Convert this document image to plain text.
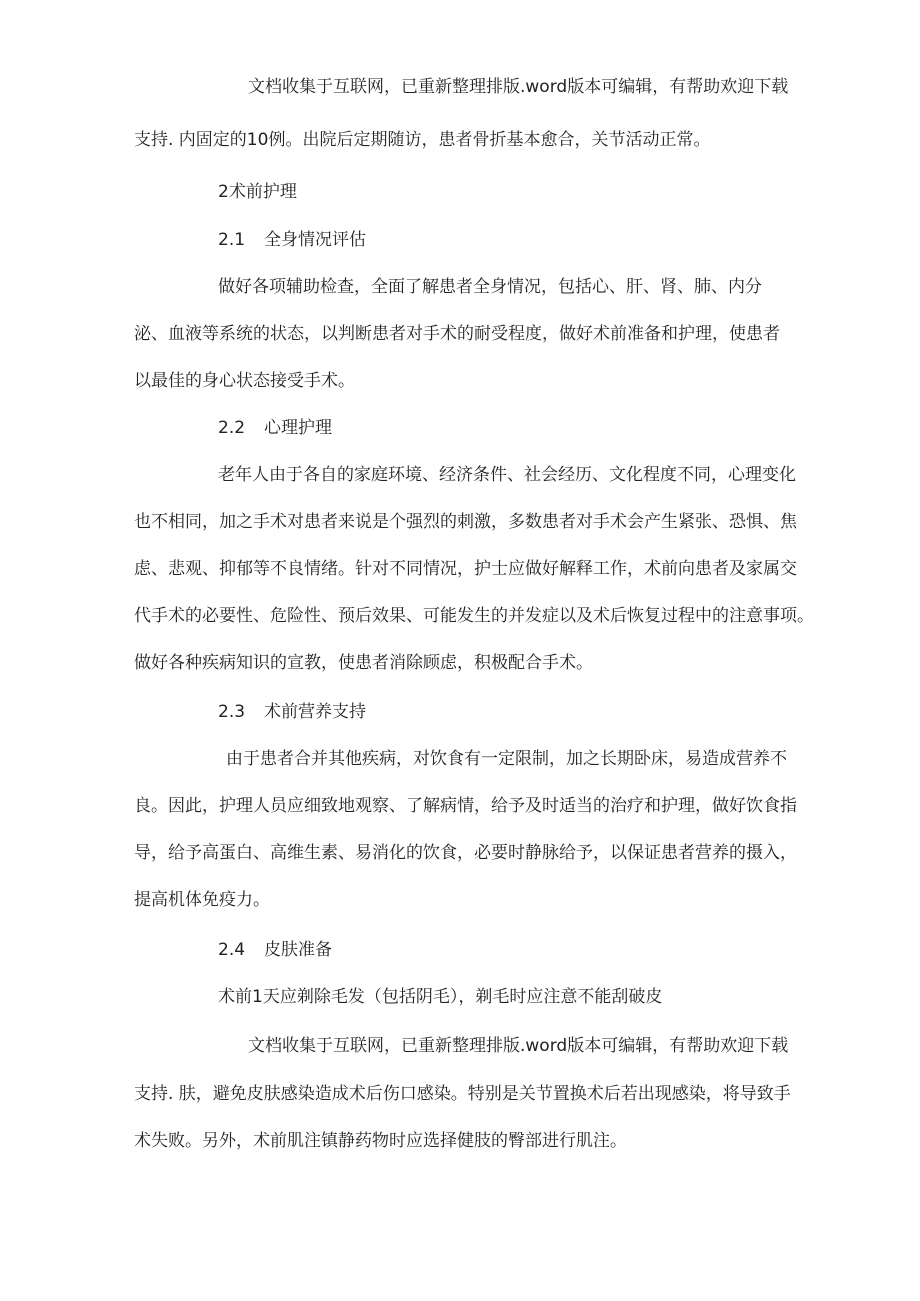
文档收集于互联网，已重新整理排版.word版本可编辑，有帮助欢迎下载

支持. 内固定的10例。出院后定期随访，患者骨折基本愈合，关节活动正常。

2术前护理

2.1 全身情况评估

做好各项辅助检查，全面了解患者全身情况，包括心、肝、肾、肺、内分

泌、血液等系统的状态，以判断患者对手术的耐受程度，做好术前准备和护理，使患者

以最佳的身心状态接受手术。

2.2 心理护理

老年人由于各自的家庭环境、经济条件、社会经历、文化程度不同，心理变化

也不相同，加之手术对患者来说是个强烈的刺激，多数患者对手术会产生紧张、恐惧、焦

虑、悲观、抑郁等不良情绪。针对不同情况，护士应做好解释工作，术前向患者及家属交

代手术的必要性、危险性、预后效果、可能发生的并发症以及术后恢复过程中的注意事项。

做好各种疾病知识的宣教，使患者消除顾虑，积极配合手术。

2.3 术前营养支持

由于患者合并其他疾病，对饮食有一定限制，加之长期卧床，易造成营养不

良。因此，护理人员应细致地观察、了解病情，给予及时适当的治疗和护理，做好饮食指

导，给予高蛋白、高维生素、易消化的饮食，必要时静脉给予，以保证患者营养的摄入，

提高机体免疫力。

2.4 皮肤准备

术前1天应剃除毛发（包括阴毛），剃毛时应注意不能刮破皮

文档收集于互联网，已重新整理排版.word版本可编辑，有帮助欢迎下载

支持. 肤，避免皮肤感染造成术后伤口感染。特别是关节置换术后若出现感染，将导致手

术失败。另外，术前肌注镇静药物时应选择健肢的臀部进行肌注。
